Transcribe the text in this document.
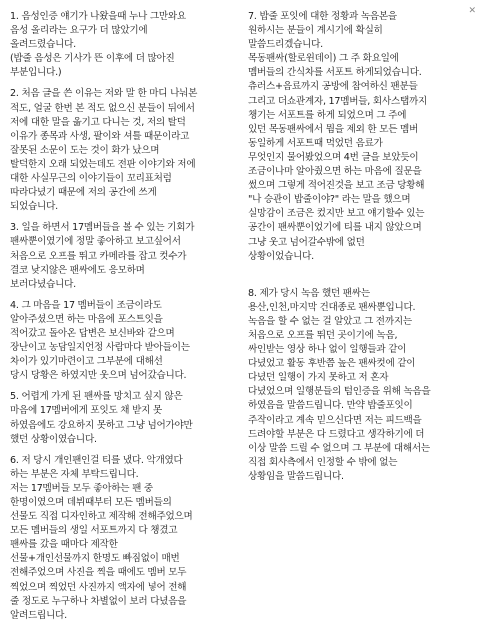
✕
1. 음성인증 얘기가 나왔을때 누나 그만와요
음성 올리라는 요구가 더 많았기에
올려드렸습니다.
(밥줄 음성은 기사가 뜬 이후에 더 많아진
부분입니다.)
2. 처음 글을 쓴 이유는 저와 말 한 마디 나눠본
적도, 얼굴 한번 본 적도 없으신 분들이 뒤에서
저에 대한 말을 옮기고 다니는 것, 저의 탈덕
이유가 종목과 사생, 팔이와 셔틀 때문이라고
잘못된 소문이 도는 것이 화가 났으며
탈덕한지 오래 되었는데도 전판 이야기와 저에
대한 사실무근의 이야기들이 꼬리표처럼
따라다녔기 때문에 저의 공간에 쓰게
되었습니다.
3. 일을 하면서 17멤버들을 볼 수 있는 기회가
팬싸뿐이였기에 정말 좋아하고 보고싶어서
처음으로 오프를 뛰고 카메라를 잡고 컷수가
결코 낮지않은 팬싸에도 응모하며
보러다녔습니다.
4. 그 마음을 17 멤버들이 조금이라도
알아주셨으면 하는 마음에 포스트잇을
적어갔고 돌아온 답변은 보신바와 같으며
장난이고 농담일지언정 사람마다 받아들이는
차이가 있기마련이고 그부분에 대해선
당시 당황은 하였지만 웃으며 넘어갔습니다.
5. 어렵게 가게 된 팬싸를 망치고 싶지 않은
마음에 17멤버에게 포잇도 채 받지 못
하였음에도 강요하지 못하고 그냥 넘어가야만
했던 상황이였습니다.
6. 저 당시 개인팬인걸 티를 냈다. 악개였다
하는 부분은 자체 부탁드립니다.
저는 17멤버들 모두 좋아하는 팬 중
한명이였으며 데뷔때부터 모든 멤버들의
선물도 직접 디자인하고 제작해 전해주었으며
모든 멤버들의 생일 서포트까지 다 챙겼고
팬싸를 갔을 때마다 제작한
선물+개인선물까지 한명도 빠짐없이 매번
전해주었으며 사진을 찍을 때에도 멤버 모두
찍었으며 찍었던 사진까지 액자에 넣어 전해
줄 정도로 누구하나 차별없이 보러 다녔음을
알려드립니다.
7. 밥줄 포잇에 대한 정황과 녹음본을
원하시는 분들이 계시기에 확실히
말씀드리겠습니다.
목동팬싸(할로윈데이) 그 주 화요일에
멤버들의 간식차를 서포트 하게되었습니다.
츄러스+음료까지 공방에 참여하신 팬분들
그리고 더쇼관계자, 17멤버들, 회사스탭까지
챙기는 서포트를 하게 되었으며 그 주에
있던 목동팬싸에서 뭠을 제외 한 모든 멤버
동일하게 서포트때 먹었던 음료가
무엇인지 물어봤었으며 4번 글을 보았듯이
조금이나마 알아줬으면 하는 마음에 질문을
썼으며 그렇게 적어진것을 보고 조금 당황해
"나 승관이 밥줄이야?" 라는 말을 했으며
실망감이 조금은 컸지만 보고 얘기할수 있는
공간이 팬싸뿐이었기에 티를 내지 않았으며
그냥 웃고 넘어갈수밖에 없던
상황이었습니다.
8. 제가 당시 녹음 했던 팬싸는
용산,인천,마지막 건대종로 팬싸뿐입니다.
녹음을 할 수 없는 걸 알았고 그 전까지는
처음으로 오프를 뛰던 곳이기에 녹음,
싸인받는 영상 하나 없이 일행들과 같이
다녔었고 활동 후반쯤 높은 팬싸컷에 같이
다녔던 일행이 가지 못하고 저 혼자
다녔었으며 일행분들의 텀인증을 위해 녹음을
하였음을 말씀드립니다. 만약 밥줄포잇이
주작이라고 계속 믿으신다면 저는 피드백을
드려야할 부분은 다 드렸다고 생각하기에 더
이상 말씀 드릴 수 없으며 그 부분에 대해서는
직접 회사측에서 인정할 수 밖에 없는
상황임을 말씀드립니다.
